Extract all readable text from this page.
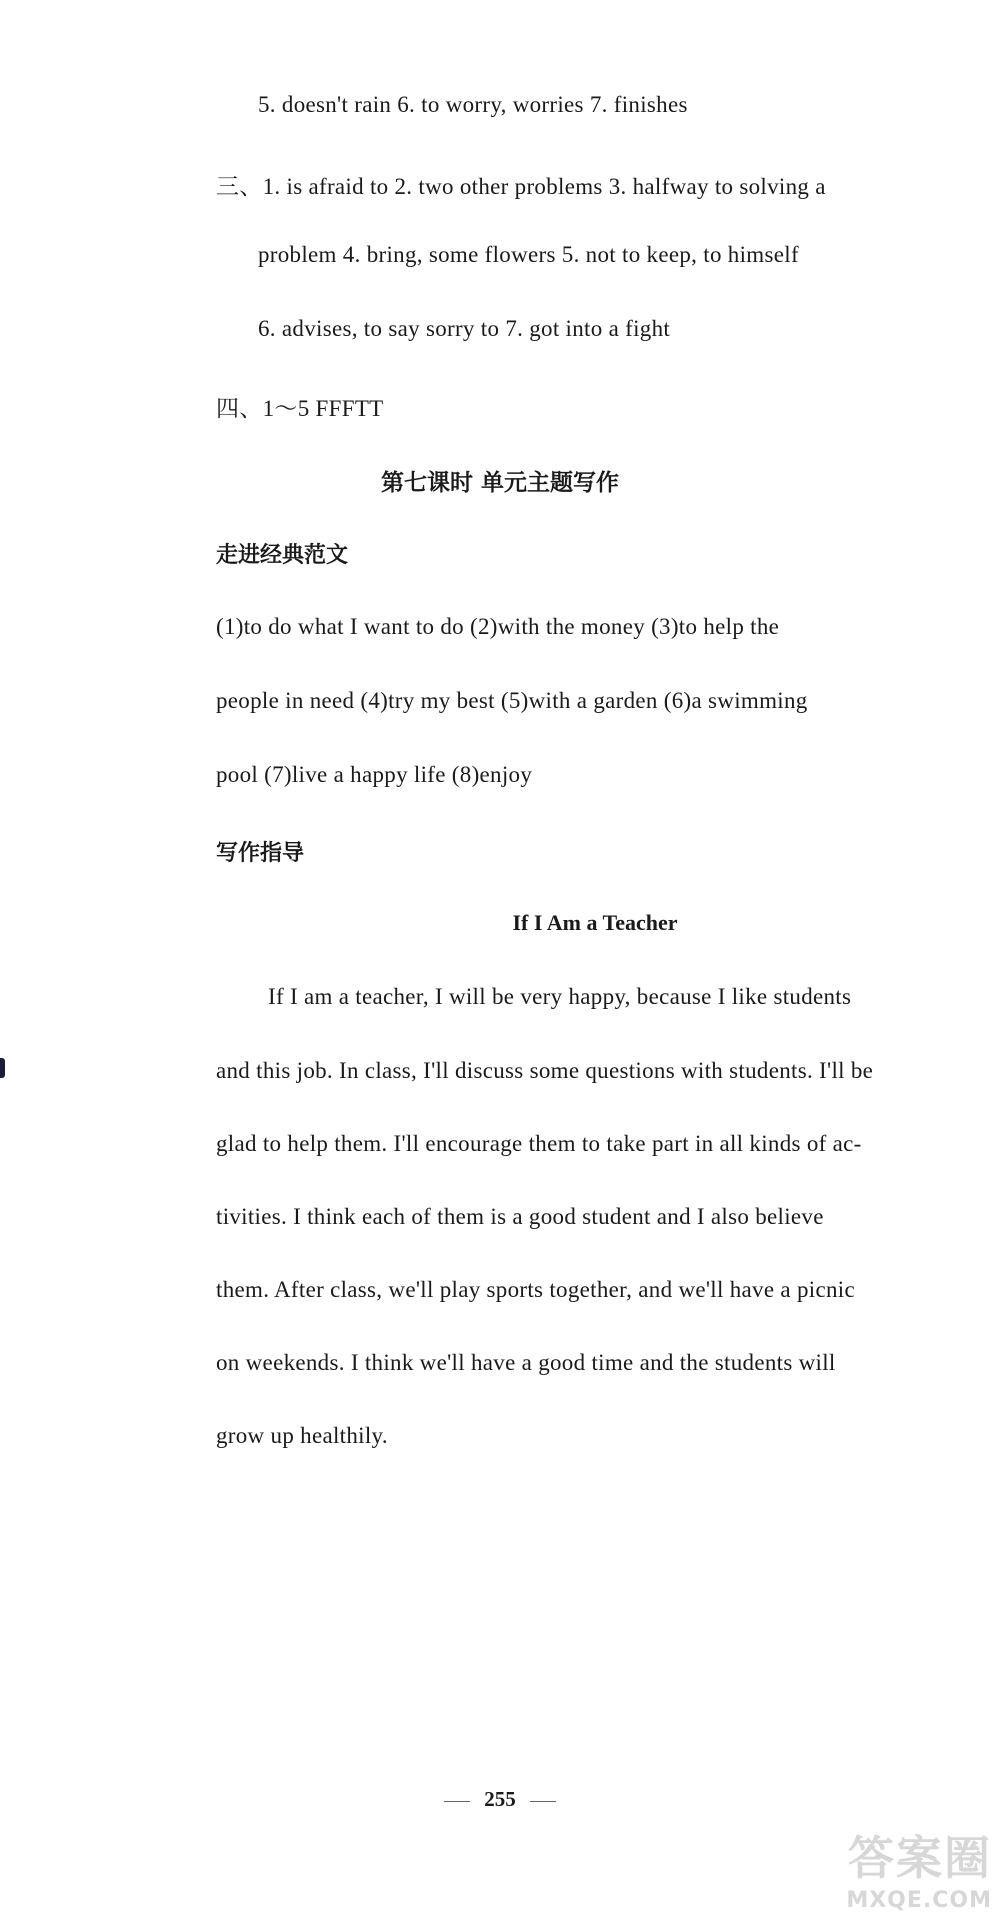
5. doesn't rain 6. to worry, worries 7. finishes
三、1. is afraid to 2. two other problems 3. halfway to solving a
problem 4. bring, some flowers 5. not to keep, to himself
6. advises, to say sorry to 7. got into a fight
四、1～5 FFFTT
第七课时 单元主题写作
走进经典范文
(1)to do what I want to do (2)with the money (3)to help the
people in need (4)try my best (5)with a garden (6)a swimming
pool (7)live a happy life (8)enjoy
写作指导
If I Am a Teacher
If I am a teacher, I will be very happy, because I like students
and this job. In class, I'll discuss some questions with students. I'll be
glad to help them. I'll encourage them to take part in all kinds of ac-
tivities. I think each of them is a good student and I also believe
them. After class, we'll play sports together, and we'll have a picnic
on weekends. I think we'll have a good time and the students will
grow up healthily.
255
答案圈
MXQE.COM
